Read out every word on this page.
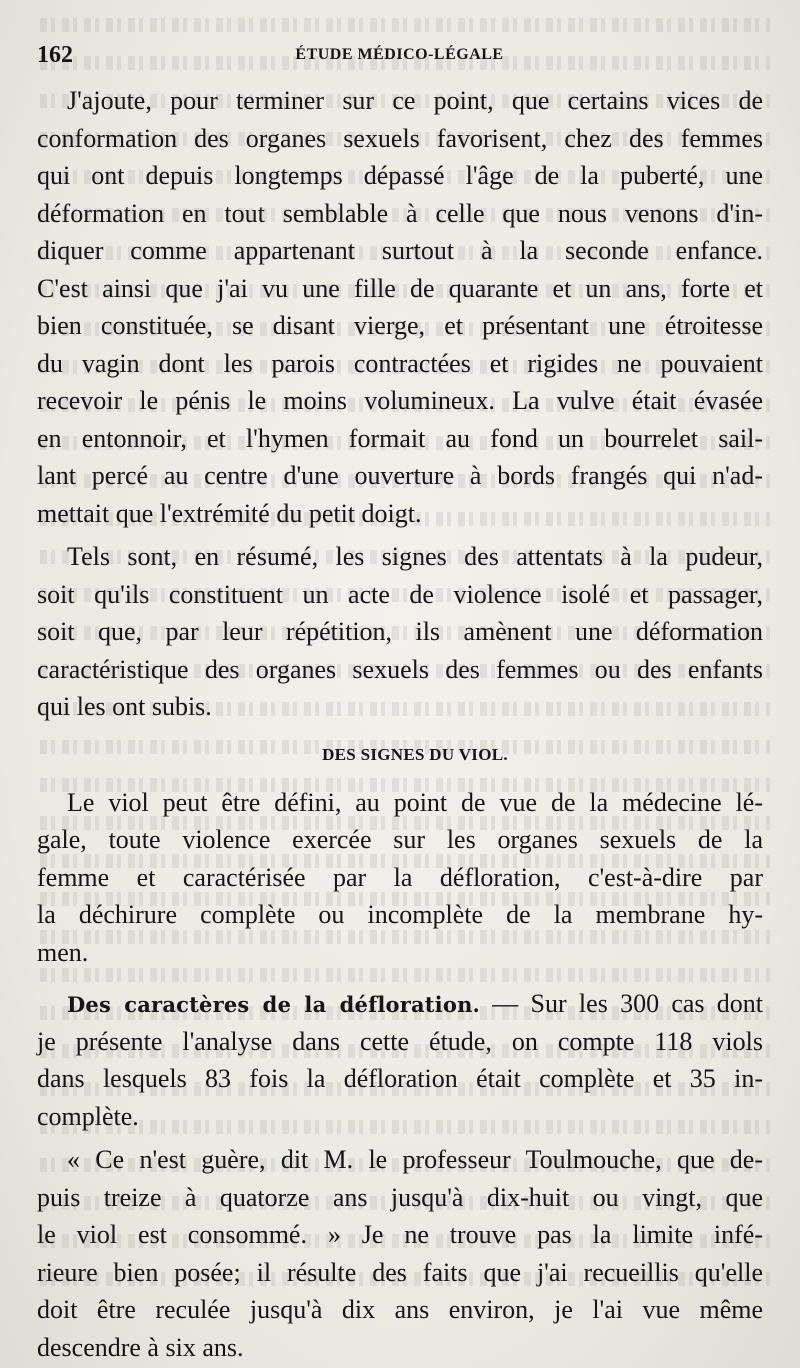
162	ÉTUDE MÉDICO-LÉGALE
J'ajoute, pour terminer sur ce point, que certains vices de
conformation des organes sexuels favorisent, chez des femmes
qui ont depuis longtemps dépassé l'âge de la puberté, une
déformation en tout semblable à celle que nous venons d'in-
diquer comme appartenant surtout à la seconde enfance.
C'est ainsi que j'ai vu une fille de quarante et un ans, forte et
bien constituée, se disant vierge, et présentant une étroitesse
du vagin dont les parois contractées et rigides ne pouvaient
recevoir le pénis le moins volumineux. La vulve était évasée
en entonnoir, et l'hymen formait au fond un bourrelet sail-
lant percé au centre d'une ouverture à bords frangés qui n'ad-
mettait que l'extrémité du petit doigt.
Tels sont, en résumé, les signes des attentats à la pudeur,
soit qu'ils constituent un acte de violence isolé et passager,
soit que, par leur répétition, ils amènent une déformation
caractéristique des organes sexuels des femmes ou des enfants
qui les ont subis.
DES SIGNES DU VIOL.
Le viol peut être défini, au point de vue de la médecine lé-
gale, toute violence exercée sur les organes sexuels de la
femme et caractérisée par la défloration, c'est-à-dire par
la déchirure complète ou incomplète de la membrane hy-
men.
Des caractères de la défloration. — Sur les 300 cas dont
je présente l'analyse dans cette étude, on compte 118 viols
dans lesquels 83 fois la défloration était complète et 35 in-
complète.
« Ce n'est guère, dit M. le professeur Toulmouche, que de-
puis treize à quatorze ans jusqu'à dix-huit ou vingt, que
le viol est consommé. » Je ne trouve pas la limite infé-
rieure bien posée; il résulte des faits que j'ai recueillis qu'elle
doit être reculée jusqu'à dix ans environ, je l'ai vue même
descendre à six ans.
